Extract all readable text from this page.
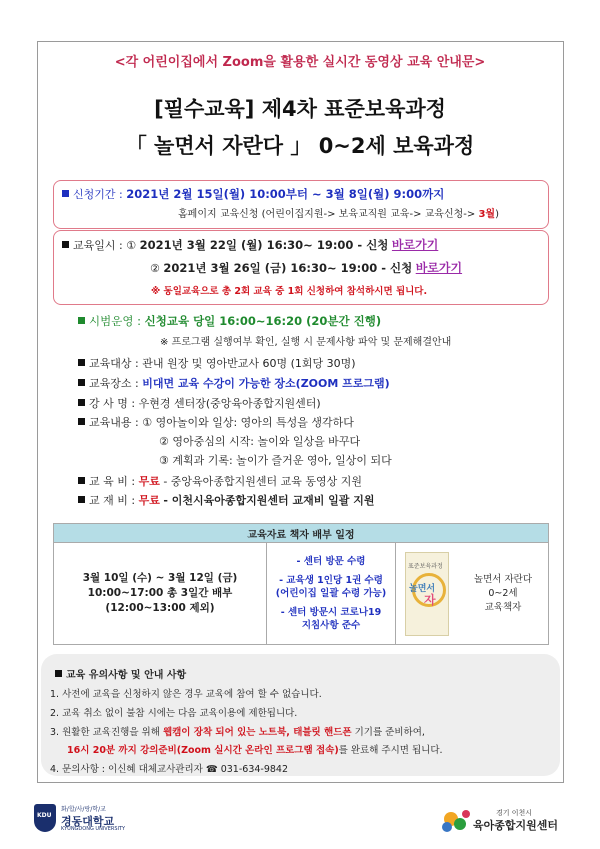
<각 어린이집에서 Zoom을 활용한 실시간 동영상 교육 안내문>
[필수교육] 제4차 표준보육과정
「 놀면서 자란다 」 0~2세 보육과정
신청기간 : 2021년 2월 15일(월) 10:00부터 ~ 3월 8일(월) 9:00까지
홈페이지 교육신청 (어린이집지원-> 보육교직원 교육-> 교육신청-> 3월)
교육일시 : ① 2021년 3월 22일 (월) 16:30~ 19:00 - 신청 바로가기
② 2021년 3월 26일 (금) 16:30~ 19:00 - 신청 바로가기
※ 동일교육으로 총 2회 교육 중 1회 신청하여 참석하시면 됩니다.
시범운영 : 신청교육 당일 16:00~16:20 (20분간 진행)
※ 프로그램 실행여부 확인, 실행 시 문제사항 파악 및 문제해결안내
교육대상 : 관내 원장 및 영아반교사 60명 (1회당 30명)
교육장소 : 비대면 교육 수강이 가능한 장소(ZOOM 프로그램)
강 사 명 : 우현경 센터장(중앙육아종합지원센터)
교육내용 : ① 영아놀이와 일상: 영아의 특성을 생각하다
② 영아중심의 시작: 놀이와 일상을 바꾸다
③ 계획과 기록: 놀이가 즐거운 영아, 일상이 되다
교 육 비 : 무료 - 중앙육아종합지원센터 교육 동영상 지원
교 재 비 : 무료 - 이천시육아종합지원센터 교재비 일괄 지원
교육자료 책자 배부 일정

3월 10일 (수) ~ 3월 12일 (금)
10:00~17:00 총 3일간 배부
(12:00~13:00 제외)

- 센터 방문 수령
- 교육생 1인당 1권 수령
(어린이집 일괄 수령 가능)
- 센터 방문시 코로나19
지침사항 준수

표준보육과정
놀면서
자
놀면서 자란다
0~2세
교육책자
교육 유의사항 및 안내 사항
1. 사전에 교육을 신청하지 않은 경우 교육에 참여 할 수 없습니다.
2. 교육 취소 없이 불참 시에는 다음 교육이용에 제한됩니다.
3. 원활한 교육진행을 위해 웹캠이 장착 되어 있는 노트북, 태블릿 핸드폰 기기를 준비하여,
16시 20분 까지 강의준비(Zoom 실시간 온라인 프로그램 접속)를 완료해 주시면 됩니다.
4. 문의사항 : 이신혜 대체교사관리자 ☎ 031-634-9842
KDU
화/합/사/랑/학/교
경동대학교
KYUNGDONG UNIVERSITY
경기 이천시
육아종합지원센터
